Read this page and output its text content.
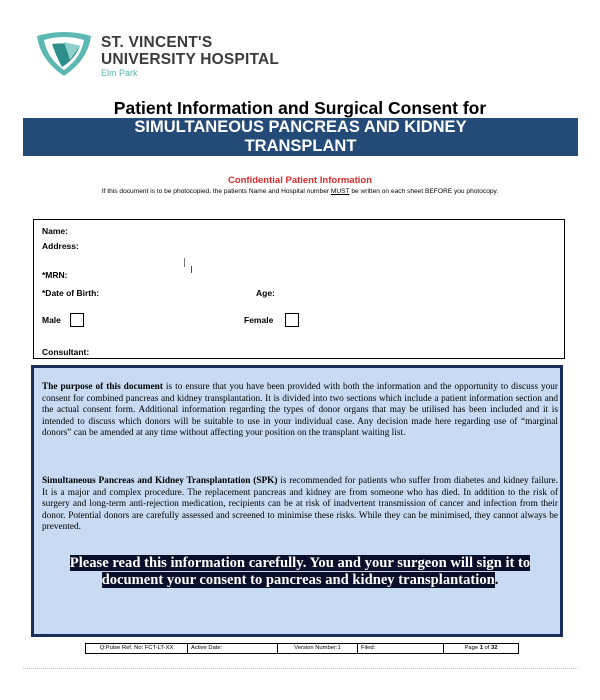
ST. VINCENT'S
UNIVERSITY HOSPITAL
Elm Park
Patient Information and Surgical Consent for
SIMULTANEOUS PANCREAS AND KIDNEY
TRANSPLANT
Confidential Patient Information
If this document is to be photocopied, the patients Name and Hospital number MUST be written on each sheet BEFORE you photocopy.
Name:
Address:
*MRN:
*Date of Birth:	Age:
Male	Female
Consultant:

The purpose of this document is to ensure that you have been provided with both the information and the opportunity to discuss your consent for combined pancreas and kidney transplantation. It is divided into two sections which include a patient information section and the actual consent form. Additional information regarding the types of donor organs that may be utilised has been included and it is intended to discuss which donors will be suitable to use in your individual case. Any decision made here regarding use of “marginal donors” can be amended at any time without affecting your position on the transplant waiting list.

Simultaneous Pancreas and Kidney Transplantation (SPK) is recommended for patients who suffer from diabetes and kidney failure. It is a major and complex procedure. The replacement pancreas and kidney are from someone who has died. In addition to the risk of surgery and long-term anti-rejection medication, recipients can be at risk of inadvertent transmission of cancer and infection from their donor. Potential donors are carefully assessed and screened to minimise these risks. While they can be minimised, they cannot always be prevented.

Please read this information carefully. You and your surgeon will sign it to document your consent to pancreas and kidney transplantation.
Q:Pulse Ref. No: FCT-LT-XX	Active Date:	Version Number:1	Filed:	Page 1 of 32
